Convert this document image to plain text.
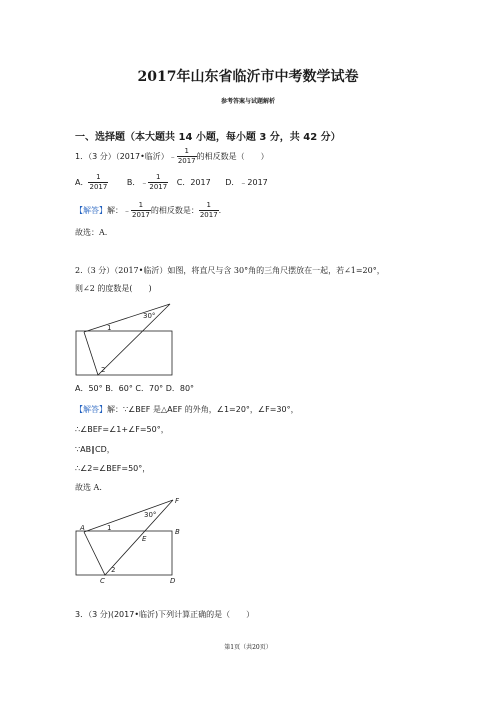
2017年山东省临沂市中考数学试卷
参考答案与试题解析
一、选择题（本大题共 14 小题，每小题 3 分，共 42 分）
1．（3 分）（2017•临沂）﹣ $\frac{1}{2017}$ 的相反数是（　　）
A． $\frac{1}{2017}$ B．﹣ $\frac{1}{2017}$ C．2017 D．﹣2017
【解答】解：﹣ $\frac{1}{2017}$ 的相反数是： $\frac{1}{2017}$ .
故选：A.
2.（3 分）（2017•临沂）如图，将直尺与含 30°角的三角尺摆放在一起，若∠1=20°，
则∠2 的度数是(　　)
30°
1
2
A．50° B．60° C．70° D．80°
【解答】解：∵∠BEF 是△AEF 的外角，∠1=20°，∠F=30°，
∴∠BEF=∠1+∠F=50°，
∵AB∥CD，
∴∠2=∠BEF=50°，
故选 A.
F
A	B
E
C	D
30°
1
2
3．（3 分)(2017•临沂)下列计算正确的是（　　）
第1页（共20页）
